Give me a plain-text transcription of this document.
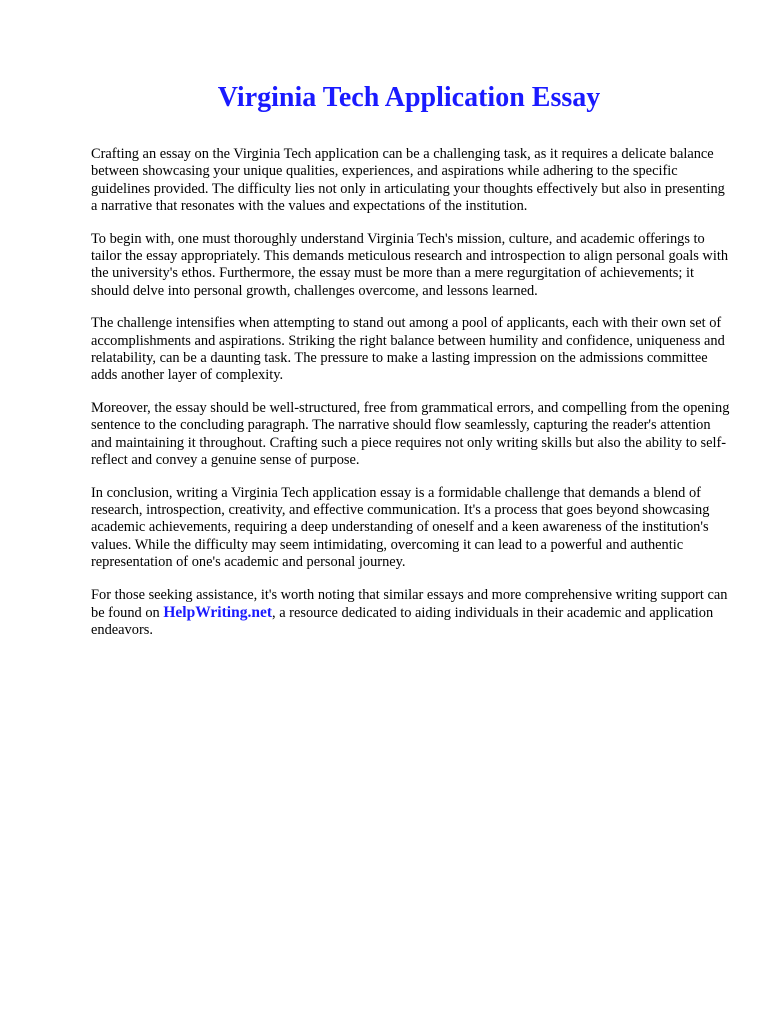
Virginia Tech Application Essay

Crafting an essay on the Virginia Tech application can be a challenging task, as it requires a delicate balance between showcasing your unique qualities, experiences, and aspirations while adhering to the specific guidelines provided. The difficulty lies not only in articulating your thoughts effectively but also in presenting a narrative that resonates with the values and expectations of the institution.

To begin with, one must thoroughly understand Virginia Tech's mission, culture, and academic offerings to tailor the essay appropriately. This demands meticulous research and introspection to align personal goals with the university's ethos. Furthermore, the essay must be more than a mere regurgitation of achievements; it should delve into personal growth, challenges overcome, and lessons learned.

The challenge intensifies when attempting to stand out among a pool of applicants, each with their own set of accomplishments and aspirations. Striking the right balance between humility and confidence, uniqueness and relatability, can be a daunting task. The pressure to make a lasting impression on the admissions committee adds another layer of complexity.

Moreover, the essay should be well-structured, free from grammatical errors, and compelling from the opening sentence to the concluding paragraph. The narrative should flow seamlessly, capturing the reader's attention and maintaining it throughout. Crafting such a piece requires not only writing skills but also the ability to self-reflect and convey a genuine sense of purpose.

In conclusion, writing a Virginia Tech application essay is a formidable challenge that demands a blend of research, introspection, creativity, and effective communication. It's a process that goes beyond showcasing academic achievements, requiring a deep understanding of oneself and a keen awareness of the institution's values. While the difficulty may seem intimidating, overcoming it can lead to a powerful and authentic representation of one's academic and personal journey.

For those seeking assistance, it's worth noting that similar essays and more comprehensive writing support can be found on HelpWriting.net, a resource dedicated to aiding individuals in their academic and application endeavors.
